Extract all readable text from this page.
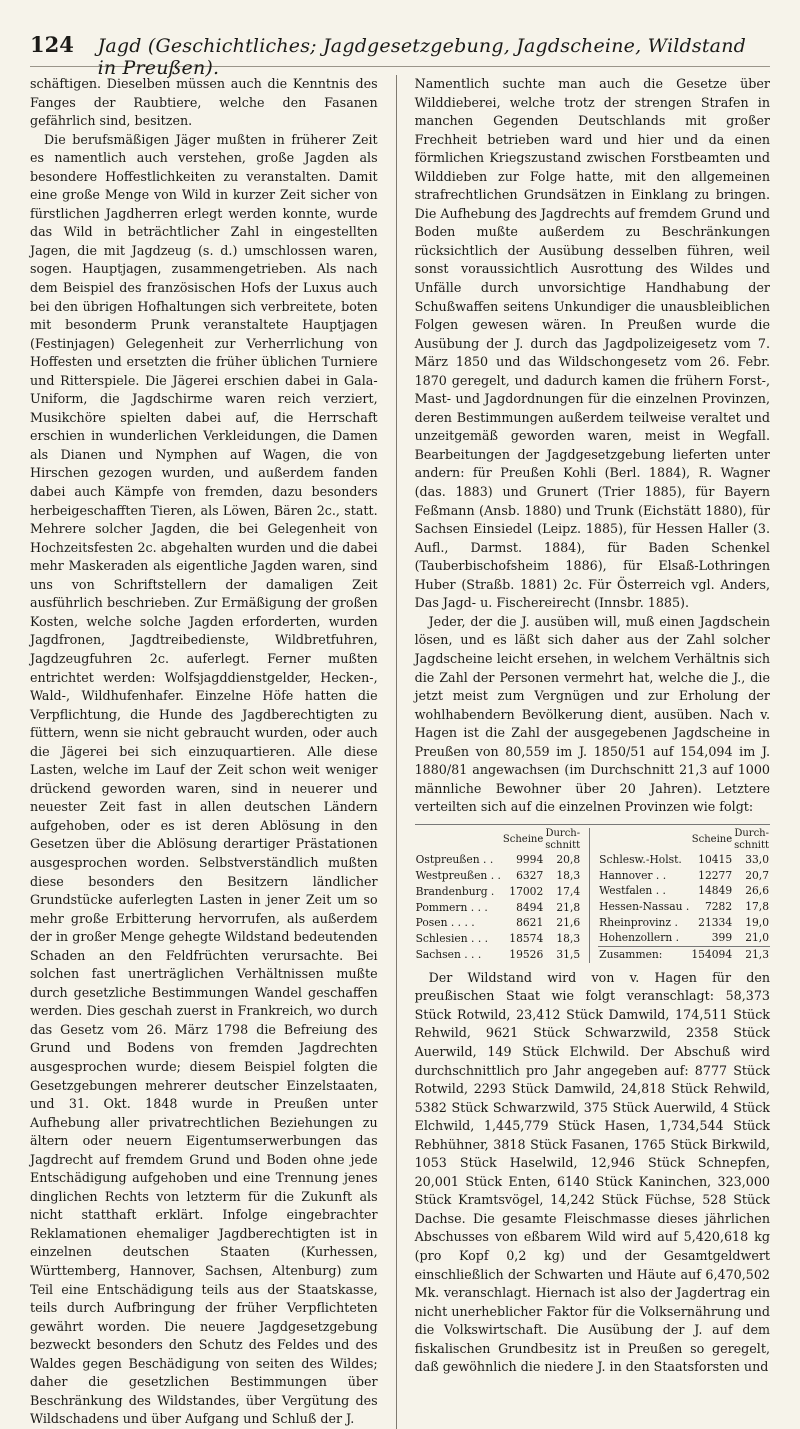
124	Jagd (Geschichtliches; Jagdgesetzgebung, Jagdscheine, Wildstand in Preußen).

schäftigen. Dieselben müssen auch die Kenntnis des Fanges der Raubtiere, welche den Fasanen gefährlich sind, besitzen.

Die berufsmäßigen Jäger mußten in früherer Zeit es namentlich auch verstehen, große Jagden als besondere Hoffestlichkeiten zu veranstalten. Damit eine große Menge von Wild in kurzer Zeit sicher von fürstlichen Jagdherren erlegt werden konnte, wurde das Wild in beträchtlicher Zahl in eingestellten Jagen, die mit Jagdzeug (s. d.) umschlossen waren, sogen. Hauptjagen, zusammengetrieben. Als nach dem Beispiel des französischen Hofs der Luxus auch bei den übrigen Hofhaltungen sich verbreitete, boten mit besonderm Prunk veranstaltete Hauptjagen (Festinjagen) Gelegenheit zur Verherrlichung von Hoffesten und ersetzten die früher üblichen Turniere und Ritterspiele. Die Jägerei erschien dabei in Gala-Uniform, die Jagdschirme waren reich verziert, Musikchöre spielten dabei auf, die Herrschaft erschien in wunderlichen Verkleidungen, die Damen als Dianen und Nymphen auf Wagen, die von Hirschen gezogen wurden, und außerdem fanden dabei auch Kämpfe von fremden, dazu besonders herbeigeschafften Tieren, als Löwen, Bären 2c., statt. Mehrere solcher Jagden, die bei Gelegenheit von Hochzeitsfesten 2c. abgehalten wurden und die dabei mehr Maskeraden als eigentliche Jagden waren, sind uns von Schriftstellern der damaligen Zeit ausführlich beschrieben. Zur Ermäßigung der großen Kosten, welche solche Jagden erforderten, wurden Jagdfronen, Jagdtreibedienste, Wildbretfuhren, Jagdzeugfuhren 2c. auferlegt. Ferner mußten entrichtet werden: Wolfsjagddienstgelder, Hecken-, Wald-, Wildhufenhafer. Einzelne Höfe hatten die Verpflichtung, die Hunde des Jagdberechtigten zu füttern, wenn sie nicht gebraucht wurden, oder auch die Jägerei bei sich einzuquartieren. Alle diese Lasten, welche im Lauf der Zeit schon weit weniger drückend geworden waren, sind in neuerer und neuester Zeit fast in allen deutschen Ländern aufgehoben, oder es ist deren Ablösung in den Gesetzen über die Ablösung derartiger Prästationen ausgesprochen worden. Selbstverständlich mußten diese besonders den Besitzern ländlicher Grundstücke auferlegten Lasten in jener Zeit um so mehr große Erbitterung hervorrufen, als außerdem der in großer Menge gehegte Wildstand bedeutenden Schaden an den Feldfrüchten verursachte. Bei solchen fast unerträglichen Verhältnissen mußte durch gesetzliche Bestimmungen Wandel geschaffen werden. Dies geschah zuerst in Frankreich, wo durch das Gesetz vom 26. März 1798 die Befreiung des Grund und Bodens von fremden Jagdrechten ausgesprochen wurde; diesem Beispiel folgten die Gesetzgebungen mehrerer deutscher Einzelstaaten, und 31. Okt. 1848 wurde in Preußen unter Aufhebung aller privatrechtlichen Beziehungen zu ältern oder neuern Eigentumserwerbungen das Jagdrecht auf fremdem Grund und Boden ohne jede Entschädigung aufgehoben und eine Trennung jenes dinglichen Rechts von letzterm für die Zukunft als nicht statthaft erklärt. Infolge eingebrachter Reklamationen ehemaliger Jagdberechtigten ist in einzelnen deutschen Staaten (Kurhessen, Württemberg, Hannover, Sachsen, Altenburg) zum Teil eine Entschädigung teils aus der Staatskasse, teils durch Aufbringung der früher Verpflichteten gewährt worden. Die neuere Jagdgesetzgebung bezweckt besonders den Schutz des Feldes und des Waldes gegen Beschädigung von seiten des Wildes; daher die gesetzlichen Bestimmungen über Beschränkung des Wildstandes, über Vergütung des Wildschadens und über Aufgang und Schluß der J.

Namentlich suchte man auch die Gesetze über Wilddieberei, welche trotz der strengen Strafen in manchen Gegenden Deutschlands mit großer Frechheit betrieben ward und hier und da einen förmlichen Kriegszustand zwischen Forstbeamten und Wilddieben zur Folge hatte, mit den allgemeinen strafrechtlichen Grundsätzen in Einklang zu bringen. Die Aufhebung des Jagdrechts auf fremdem Grund und Boden mußte außerdem zu Beschränkungen rücksichtlich der Ausübung desselben führen, weil sonst voraussichtlich Ausrottung des Wildes und Unfälle durch unvorsichtige Handhabung der Schußwaffen seitens Unkundiger die unausbleiblichen Folgen gewesen wären. In Preußen wurde die Ausübung der J. durch das Jagdpolizeigesetz vom 7. März 1850 und das Wildschongesetz vom 26. Febr. 1870 geregelt, und dadurch kamen die frühern Forst-, Mast- und Jagdordnungen für die einzelnen Provinzen, deren Bestimmungen außerdem teilweise veraltet und unzeitgemäß geworden waren, meist in Wegfall. Bearbeitungen der Jagdgesetzgebung lieferten unter andern: für Preußen Kohli (Berl. 1884), R. Wagner (das. 1883) und Grunert (Trier 1885), für Bayern Feßmann (Ansb. 1880) und Trunk (Eichstätt 1880), für Sachsen Einsiedel (Leipz. 1885), für Hessen Haller (3. Aufl., Darmst. 1884), für Baden Schenkel (Tauberbischofsheim 1886), für Elsaß-Lothringen Huber (Straßb. 1881) 2c. Für Österreich vgl. Anders, Das Jagd- u. Fischereirecht (Innsbr. 1885).

Jeder, der die J. ausüben will, muß einen Jagdschein lösen, und es läßt sich daher aus der Zahl solcher Jagdscheine leicht ersehen, in welchem Verhältnis sich die Zahl der Personen vermehrt hat, welche die J., die jetzt meist zum Vergnügen und zur Erholung der wohlhabendern Bevölkerung dient, ausüben. Nach v. Hagen ist die Zahl der ausgegebenen Jagdscheine in Preußen von 80,559 im J. 1850/51 auf 154,094 im J. 1880/81 angewachsen (im Durchschnitt 21,3 auf 1000 männliche Bewohner über 20 Jahren). Letztere verteilten sich auf die einzelnen Provinzen wie folgt:

	Scheine	Durch-
schnitt
Ostpreußen . .	9994	20,8
Westpreußen . .	6327	18,3
Brandenburg .	17002	17,4
Pommern . . .	8494	21,8
Posen . . . .	8621	21,6
Schlesien . . .	18574	18,3
Sachsen . . .	19526	31,5
	Scheine	Durch-
schnitt
Schlesw.-Holst.	10415	33,0
Hannover . .	12277	20,7
Westfalen . .	14849	26,6
Hessen-Nassau .	7282	17,8
Rheinprovinz .	21334	19,0
Hohenzollern .	399	21,0
Zusammen:	154094	21,3

Der Wildstand wird von v. Hagen für den preußischen Staat wie folgt veranschlagt: 58,373 Stück Rotwild, 23,412 Stück Damwild, 174,511 Stück Rehwild, 9621 Stück Schwarzwild, 2358 Stück Auerwild, 149 Stück Elchwild. Der Abschuß wird durchschnittlich pro Jahr angegeben auf: 8777 Stück Rotwild, 2293 Stück Damwild, 24,818 Stück Rehwild, 5382 Stück Schwarzwild, 375 Stück Auerwild, 4 Stück Elchwild, 1,445,779 Stück Hasen, 1,734,544 Stück Rebhühner, 3818 Stück Fasanen, 1765 Stück Birkwild, 1053 Stück Haselwild, 12,946 Stück Schnepfen, 20,001 Stück Enten, 6140 Stück Kaninchen, 323,000 Stück Kramtsvögel, 14,242 Stück Füchse, 528 Stück Dachse. Die gesamte Fleischmasse dieses jährlichen Abschusses von eßbarem Wild wird auf 5,420,618 kg (pro Kopf 0,2 kg) und der Gesamtgeldwert einschließlich der Schwarten und Häute auf 6,470,502 Mk. veranschlagt. Hiernach ist also der Jagdertrag ein nicht unerheblicher Faktor für die Volksernährung und die Volkswirtschaft. Die Ausübung der J. auf dem fiskalischen Grundbesitz ist in Preußen so geregelt, daß gewöhnlich die niedere J. in den Staatsforsten und
